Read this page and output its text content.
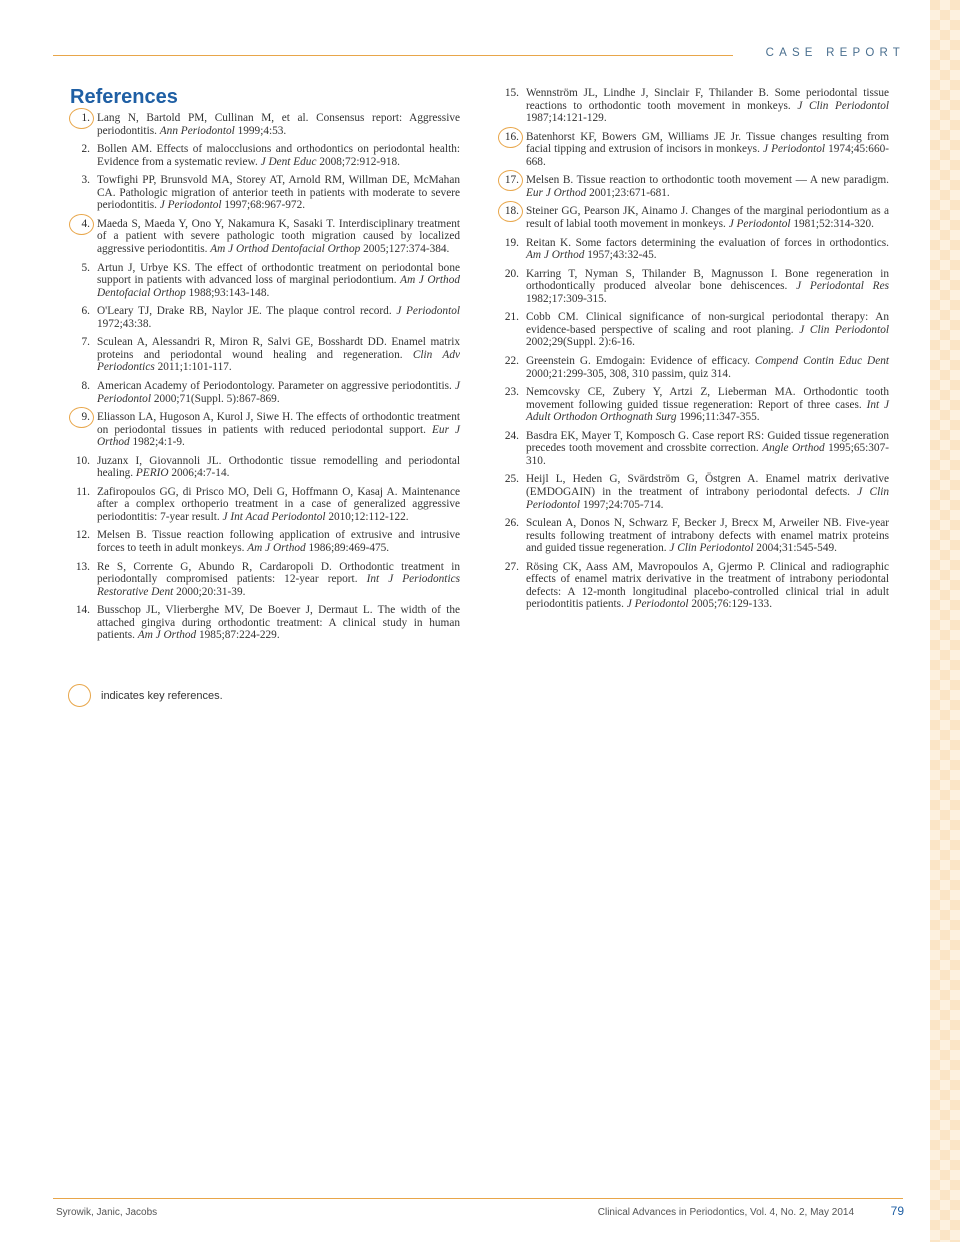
CASE REPORT
References
1. Lang N, Bartold PM, Cullinan M, et al. Consensus report: Aggressive periodontitis. Ann Periodontol 1999;4:53.
2. Bollen AM. Effects of malocclusions and orthodontics on periodontal health: Evidence from a systematic review. J Dent Educ 2008;72:912-918.
3. Towfighi PP, Brunsvold MA, Storey AT, Arnold RM, Willman DE, McMahan CA. Pathologic migration of anterior teeth in patients with moderate to severe periodontitis. J Periodontol 1997;68:967-972.
4. Maeda S, Maeda Y, Ono Y, Nakamura K, Sasaki T. Interdisciplinary treatment of a patient with severe pathologic tooth migration caused by localized aggressive periodontitis. Am J Orthod Dentofacial Orthop 2005;127:374-384.
5. Artun J, Urbye KS. The effect of orthodontic treatment on periodontal bone support in patients with advanced loss of marginal periodontium. Am J Orthod Dentofacial Orthop 1988;93:143-148.
6. O'Leary TJ, Drake RB, Naylor JE. The plaque control record. J Periodontol 1972;43:38.
7. Sculean A, Alessandri R, Miron R, Salvi GE, Bosshardt DD. Enamel matrix proteins and periodontal wound healing and regeneration. Clin Adv Periodontics 2011;1:101-117.
8. American Academy of Periodontology. Parameter on aggressive periodontitis. J Periodontol 2000;71(Suppl. 5):867-869.
9. Eliasson LA, Hugoson A, Kurol J, Siwe H. The effects of orthodontic treatment on periodontal tissues in patients with reduced periodontal support. Eur J Orthod 1982;4:1-9.
10. Juzanx I, Giovannoli JL. Orthodontic tissue remodelling and periodontal healing. PERIO 2006;4:7-14.
11. Zafiropoulos GG, di Prisco MO, Deli G, Hoffmann O, Kasaj A. Maintenance after a complex orthoperio treatment in a case of generalized aggressive periodontitis: 7-year result. J Int Acad Periodontol 2010;12:112-122.
12. Melsen B. Tissue reaction following application of extrusive and intrusive forces to teeth in adult monkeys. Am J Orthod 1986;89:469-475.
13. Re S, Corrente G, Abundo R, Cardaropoli D. Orthodontic treatment in periodontally compromised patients: 12-year report. Int J Periodontics Restorative Dent 2000;20:31-39.
14. Busschop JL, Vlierberghe MV, De Boever J, Dermaut L. The width of the attached gingiva during orthodontic treatment: A clinical study in human patients. Am J Orthod 1985;87:224-229.
15. Wennström JL, Lindhe J, Sinclair F, Thilander B. Some periodontal tissue reactions to orthodontic tooth movement in monkeys. J Clin Periodontol 1987;14:121-129.
16. Batenhorst KF, Bowers GM, Williams JE Jr. Tissue changes resulting from facial tipping and extrusion of incisors in monkeys. J Periodontol 1974;45:660-668.
17. Melsen B. Tissue reaction to orthodontic tooth movement — A new paradigm. Eur J Orthod 2001;23:671-681.
18. Steiner GG, Pearson JK, Ainamo J. Changes of the marginal periodontium as a result of labial tooth movement in monkeys. J Periodontol 1981;52:314-320.
19. Reitan K. Some factors determining the evaluation of forces in orthodontics. Am J Orthod 1957;43:32-45.
20. Karring T, Nyman S, Thilander B, Magnusson I. Bone regeneration in orthodontically produced alveolar bone dehiscences. J Periodontal Res 1982;17:309-315.
21. Cobb CM. Clinical significance of non-surgical periodontal therapy: An evidence-based perspective of scaling and root planing. J Clin Periodontol 2002;29(Suppl. 2):6-16.
22. Greenstein G. Emdogain: Evidence of efficacy. Compend Contin Educ Dent 2000;21:299-305, 308, 310 passim, quiz 314.
23. Nemcovsky CE, Zubery Y, Artzi Z, Lieberman MA. Orthodontic tooth movement following guided tissue regeneration: Report of three cases. Int J Adult Orthodon Orthognath Surg 1996;11:347-355.
24. Basdra EK, Mayer T, Komposch G. Case report RS: Guided tissue regeneration precedes tooth movement and crossbite correction. Angle Orthod 1995;65:307-310.
25. Heijl L, Heden G, Svärdström G, Östgren A. Enamel matrix derivative (EMDOGAIN) in the treatment of intrabony periodontal defects. J Clin Periodontol 1997;24:705-714.
26. Sculean A, Donos N, Schwarz F, Becker J, Brecx M, Arweiler NB. Five-year results following treatment of intrabony defects with enamel matrix proteins and guided tissue regeneration. J Clin Periodontol 2004;31:545-549.
27. Rösing CK, Aass AM, Mavropoulos A, Gjermo P. Clinical and radiographic effects of enamel matrix derivative in the treatment of intrabony periodontal defects: A 12-month longitudinal placebo-controlled clinical trial in adult periodontitis patients. J Periodontol 2005;76:129-133.
indicates key references.
Syrowik, Janic, Jacobs	Clinical Advances in Periodontics, Vol. 4, No. 2, May 2014	79
